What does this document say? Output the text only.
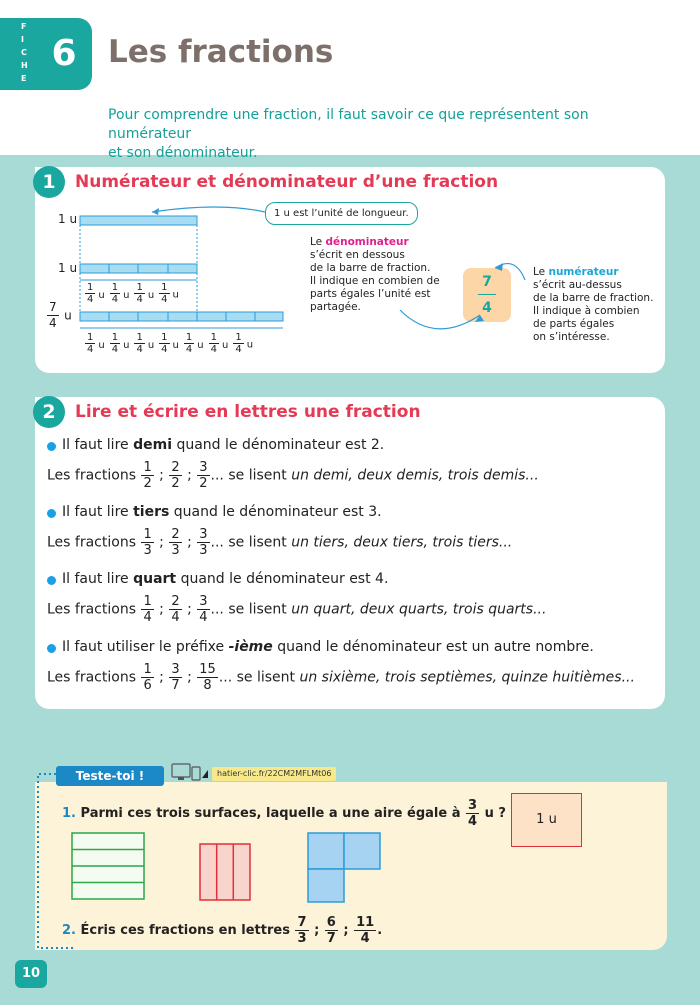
F
I
C
H
E
6	Les fractions
Pour comprendre une fraction, il faut savoir ce que représentent son numérateur
et son dénominateur.
1	Numérateur et dénominateur d’une fraction
1 u
1 u
$\frac{7}{4}$ u
$\frac{1}{4}$ u $\frac{1}{4}$ u $\frac{1}{4}$ u $\frac{1}{4}$ u
$\frac{1}{4}$ u $\frac{1}{4}$ u $\frac{1}{4}$ u $\frac{1}{4}$ u $\frac{1}{4}$ u $\frac{1}{4}$ u $\frac{1}{4}$ u
1 u est l’unité de longueur.
Le dénominateur
s’écrit en dessous
de la barre de fraction.
Il indique en combien de
parts égales l’unité est
partagée.
7
4
Le numérateur
s’écrit au-dessus
de la barre de fraction.
Il indique à combien
de parts égales
on s’intéresse.
2	Lire et écrire en lettres une fraction
Il faut lire demi quand le dénominateur est 2.
Les fractions $\frac{1}{2}$ ; $\frac{2}{2}$ ; $\frac{3}{2}$ ... se lisent un demi, deux demis, trois demis...
Il faut lire tiers quand le dénominateur est 3.
Les fractions $\frac{1}{3}$ ; $\frac{2}{3}$ ; $\frac{3}{3}$ ... se lisent un tiers, deux tiers, trois tiers...
Il faut lire quart quand le dénominateur est 4.
Les fractions $\frac{1}{4}$ ; $\frac{2}{4}$ ; $\frac{3}{4}$ ... se lisent un quart, deux quarts, trois quarts...
Il faut utiliser le préfixe -ième quand le dénominateur est un autre nombre.
Les fractions $\frac{1}{6}$ ; $\frac{3}{7}$ ; $\frac{15}{8}$ ... se lisent un sixième, trois septièmes, quinze huitièmes...
Teste-toi !	hatier-clic.fr/22CM2MFLMt06
1. Parmi ces trois surfaces, laquelle a une aire égale à $\frac{3}{4}$ u ?	1 u
2. Écris ces fractions en lettres $\frac{7}{3}$ ; $\frac{6}{7}$ ; $\frac{11}{4}$ .
10
